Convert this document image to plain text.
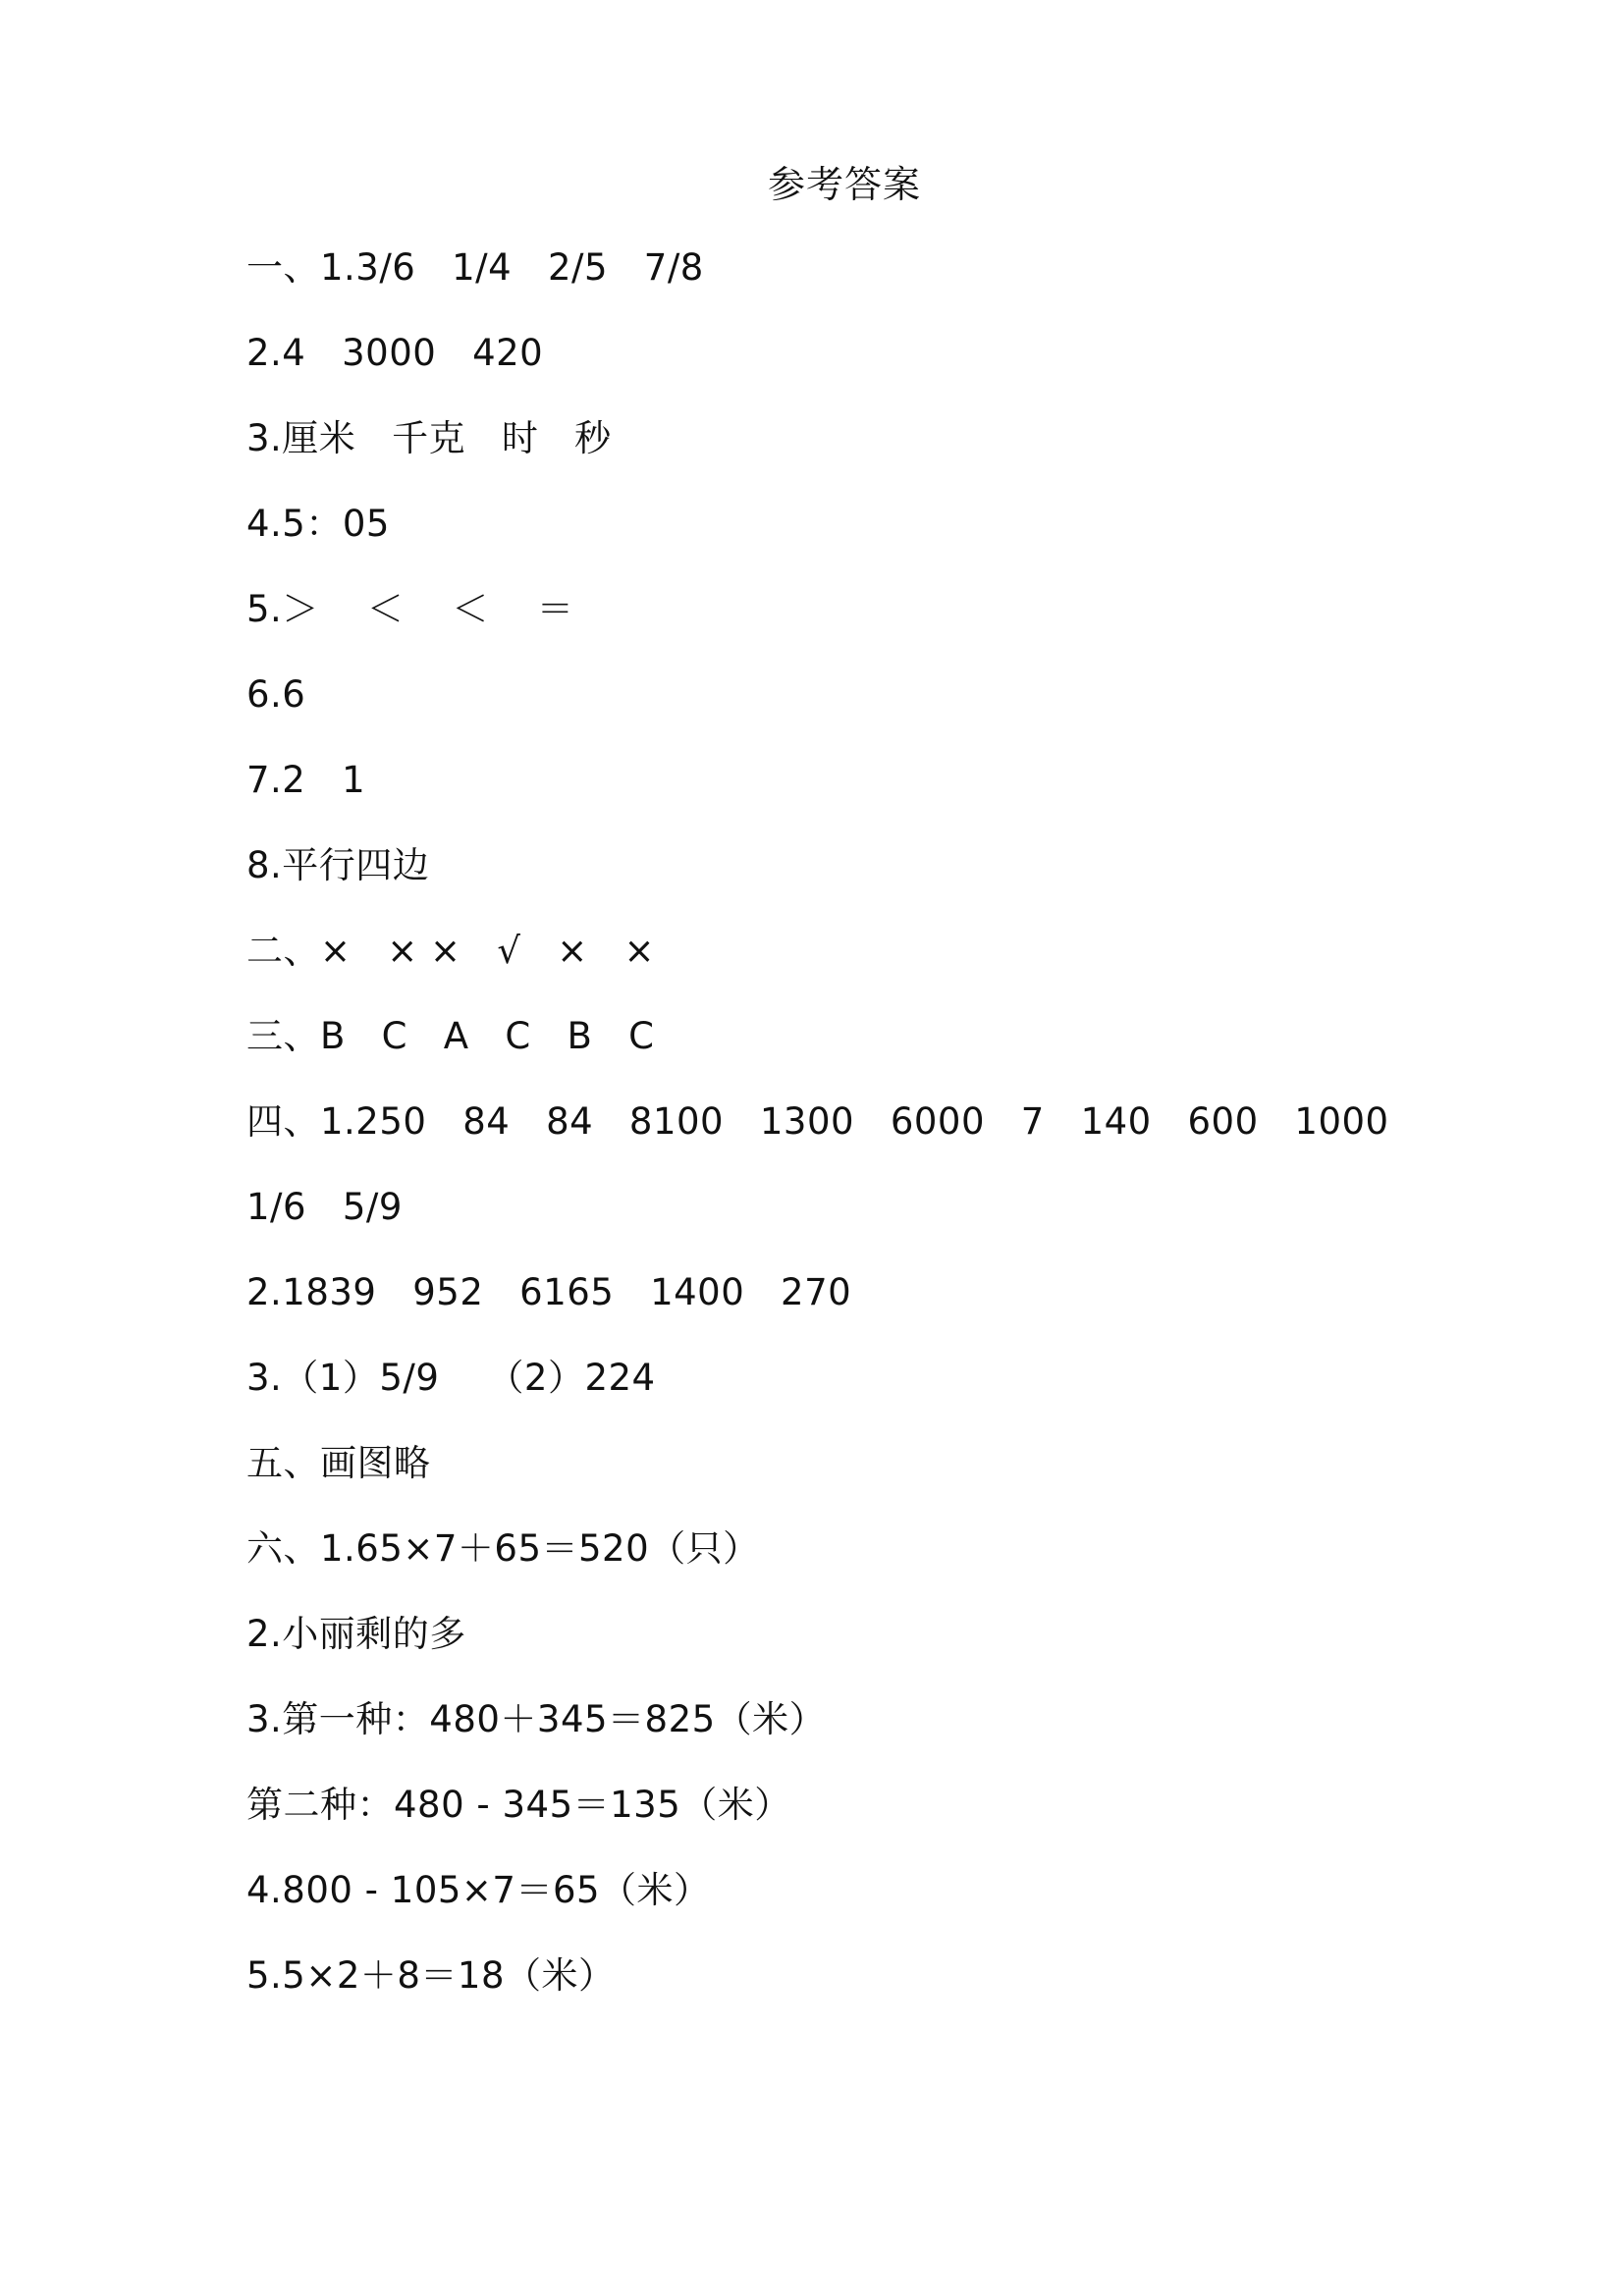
参考答案
一、1.3/6   1/4   2/5   7/8
2.4   3000   420
3.厘米   千克   时   秒
4.5：05
5.＞    ＜    ＜    ＝
6.6
7.2   1
8.平行四边
二、×   × ×   √   ×   ×
三、B   C   A   C   B   C
四、1.250   84   84   8100   1300   6000   7   140   600   1000
1/6   5/9
2.1839   952   6165   1400   270
3.（1）5/9    （2）224
五、画图略
六、1.65×7＋65＝520（只）
2.小丽剩的多
3.第一种：480＋345＝825（米）
第二种：480 - 345＝135（米）
4.800 - 105×7＝65（米）
5.5×2＋8＝18（米）
